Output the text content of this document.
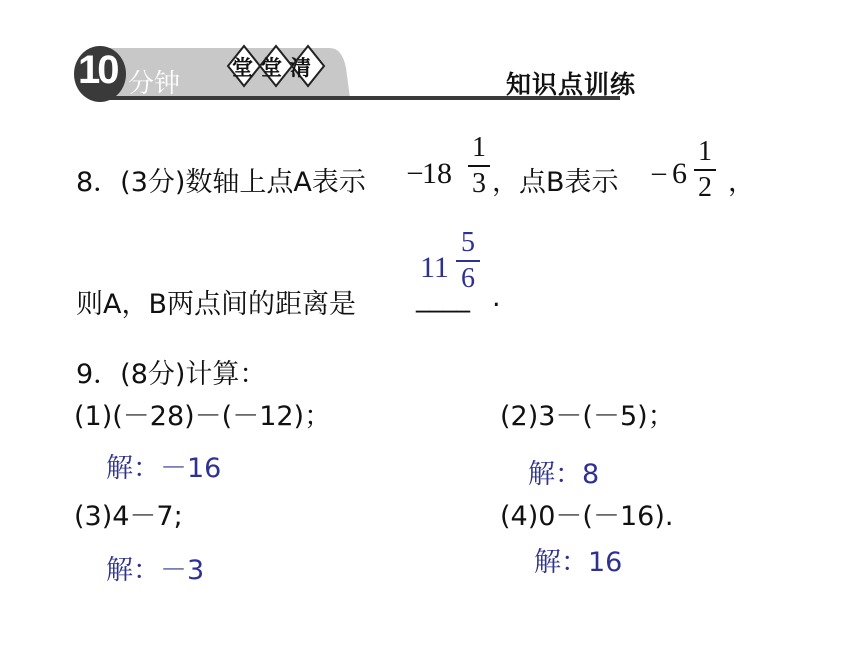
10 分钟
堂堂清
知识点训练
8．(3分)数轴上点A表示 – 18
1
3 ，点B表示 – 6
1
2 ，
则A，B两点间的距离是 ____ .
11
5
6
9．(8分)计算：
(1)(－28)－(－12)；	(2)3－(－5)；
解：－16	解：8
(3)4－7;	(4)0－(－16).
解：－3	解：16
